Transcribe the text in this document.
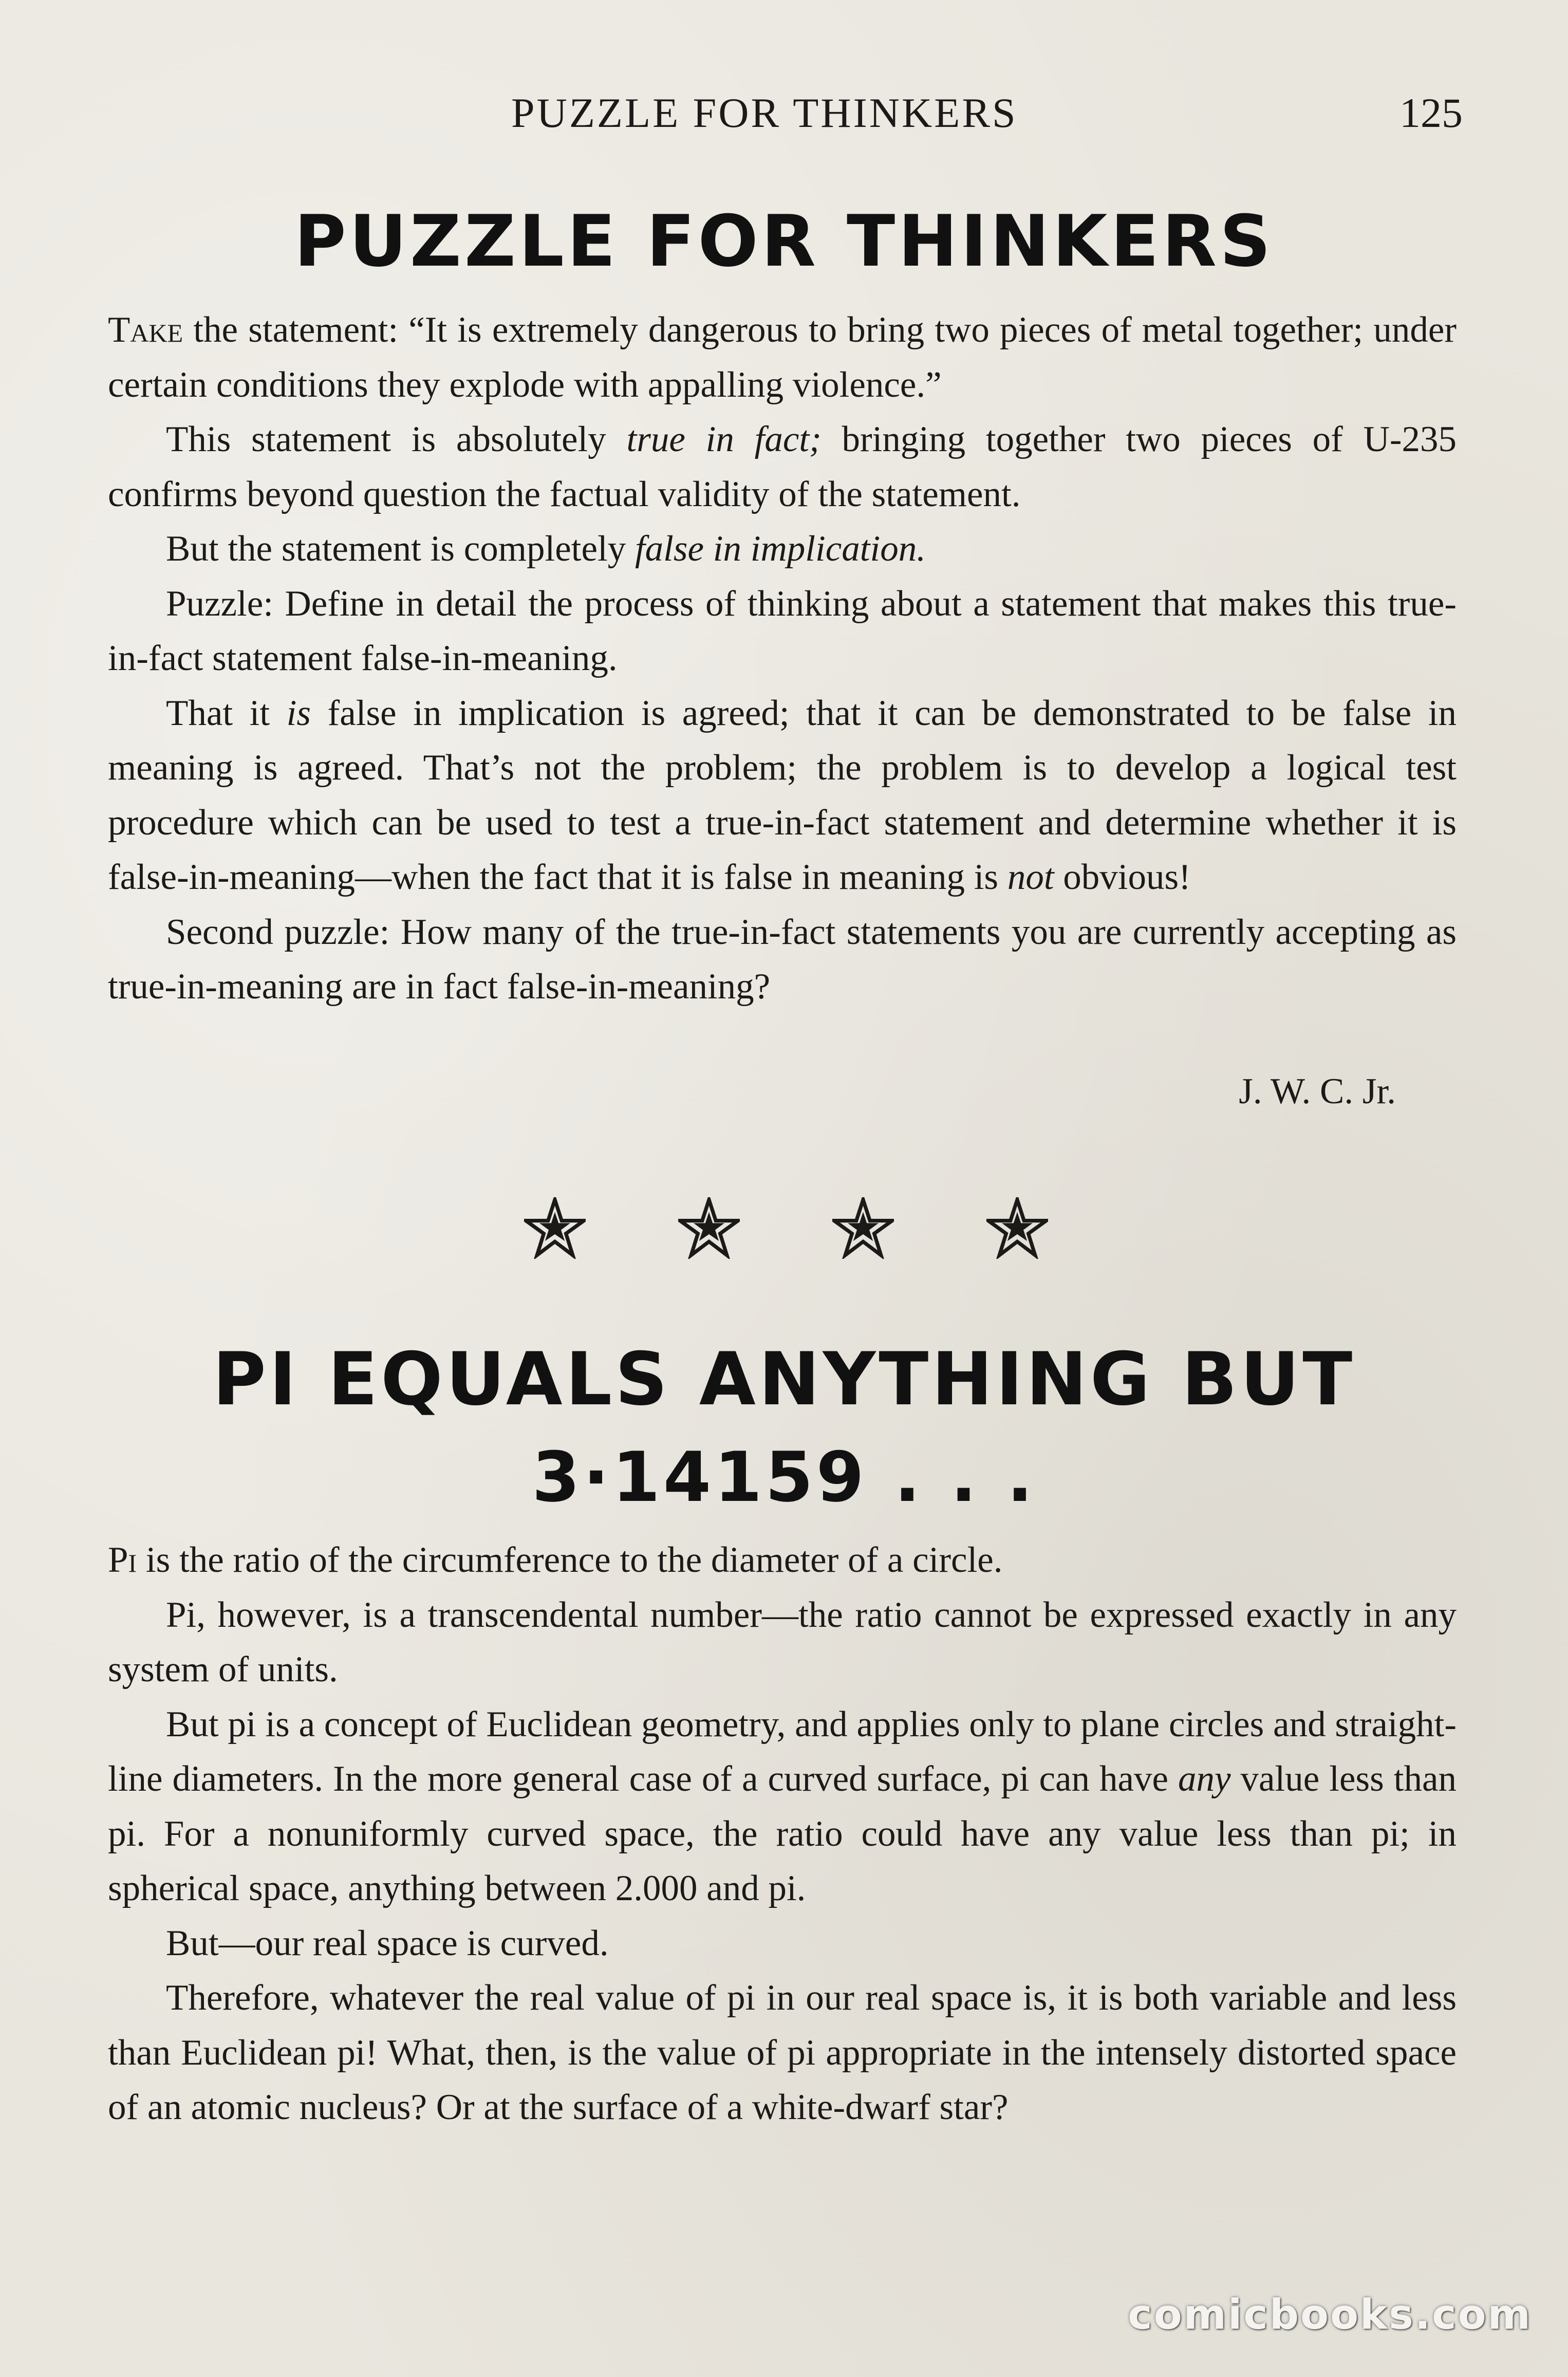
PUZZLE FOR THINKERS	125
PUZZLE FOR THINKERS

Take the statement: “It is extremely dangerous to bring two pieces of metal together; under certain conditions they explode with appalling violence.”

This statement is absolutely true in fact; bringing together two pieces of U-235 confirms beyond question the factual validity of the statement.

But the statement is completely false in implication.

Puzzle: Define in detail the process of thinking about a statement that makes this true-in-fact statement false-in-meaning.

That it is false in implication is agreed; that it can be demonstrated to be false in meaning is agreed. That’s not the problem; the problem is to develop a logical test procedure which can be used to test a true-in-fact statement and determine whether it is false-in-meaning—when the fact that it is false in meaning is not obvious!

Second puzzle: How many of the true-in-fact statements you are currently accepting as true-in-meaning are in fact false-in-meaning?

J. W. C. Jr.
PI EQUALS ANYTHING BUT
3·14159 . . .

Pi is the ratio of the circumference to the diameter of a circle.

Pi, however, is a transcendental number—the ratio cannot be expressed exactly in any system of units.

But pi is a concept of Euclidean geometry, and applies only to plane circles and straight-line diameters. In the more general case of a curved surface, pi can have any value less than pi. For a nonuniformly curved space, the ratio could have any value less than pi; in spherical space, anything between 2.000 and pi.

But—our real space is curved.

Therefore, whatever the real value of pi in our real space is, it is both variable and less than Euclidean pi! What, then, is the value of pi appropriate in the intensely distorted space of an atomic nucleus? Or at the surface of a white-dwarf star?

comicbooks.com
